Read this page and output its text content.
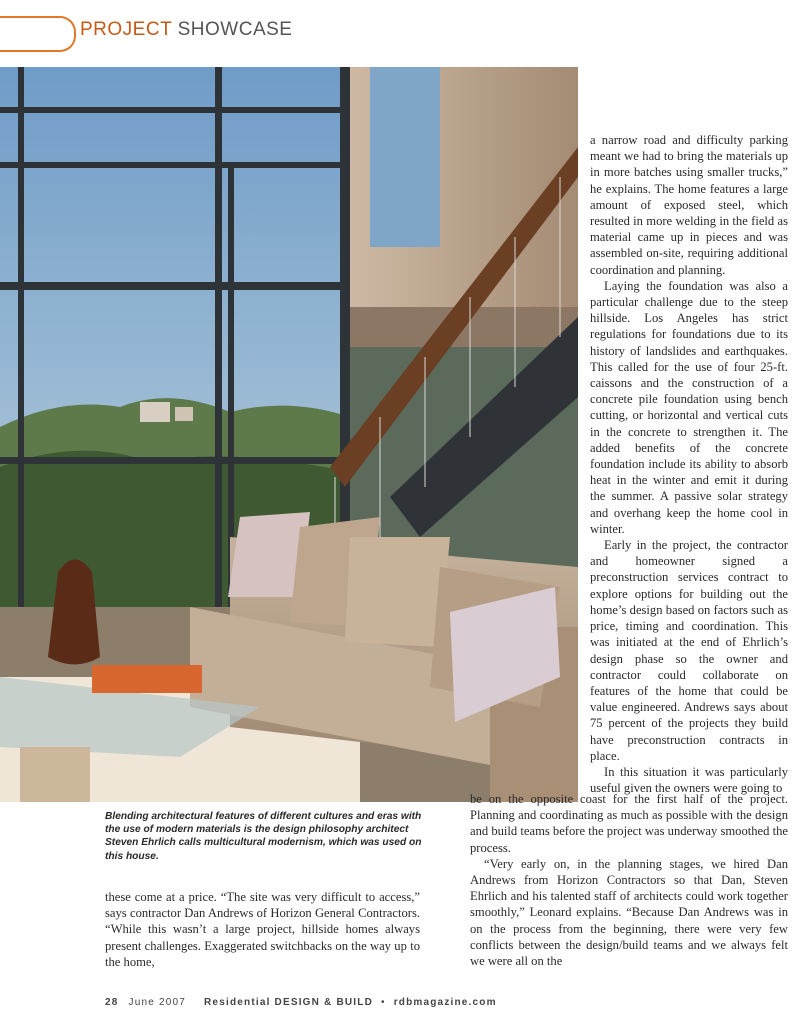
PROJECT SHOWCASE
Blending architectural features of different cultures and eras with the use of modern materials is the design philosophy architect Steven Ehrlich calls multicultural modernism, which was used on this house.

a narrow road and difficulty parking meant we had to bring the materials up in more batches using smaller trucks,” he explains. The home features a large amount of exposed steel, which resulted in more welding in the field as material came up in pieces and was assembled on-site, requiring additional coordination and planning.

Laying the foundation was also a particular challenge due to the steep hillside. Los Angeles has strict regulations for foundations due to its history of landslides and earthquakes. This called for the use of four 25-ft. caissons and the construction of a concrete pile foundation using bench cutting, or horizontal and vertical cuts in the concrete to strengthen it. The added benefits of the concrete foundation include its ability to absorb heat in the winter and emit it during the summer. A passive solar strategy and overhang keep the home cool in winter.

Early in the project, the contractor and homeowner signed a preconstruction services contract to explore options for building out the home’s design based on factors such as price, timing and coordination. This was initiated at the end of Ehrlich’s design phase so the owner and contractor could collaborate on features of the home that could be value engineered. Andrews says about 75 percent of the projects they build have preconstruction contracts in place.

In this situation it was particularly useful given the owners were going to

be on the opposite coast for the first half of the project. Planning and coordinating as much as possible with the design and build teams before the project was underway smoothed the process.

“Very early on, in the planning stages, we hired Dan Andrews from Horizon Contractors so that Dan, Steven Ehrlich and his talented staff of architects could work together smoothly,” Leonard explains. “Because Dan Andrews was in on the process from the beginning, there were very few conflicts between the design/build teams and we always felt we were all on the

these come at a price. “The site was very difficult to access,” says contractor Dan Andrews of Horizon General Contractors. “While this wasn’t a large project, hillside homes always present challenges. Exaggerated switchbacks on the way up to the home,

28 June 2007 Residential DESIGN & BUILD • rdbmagazine.com
